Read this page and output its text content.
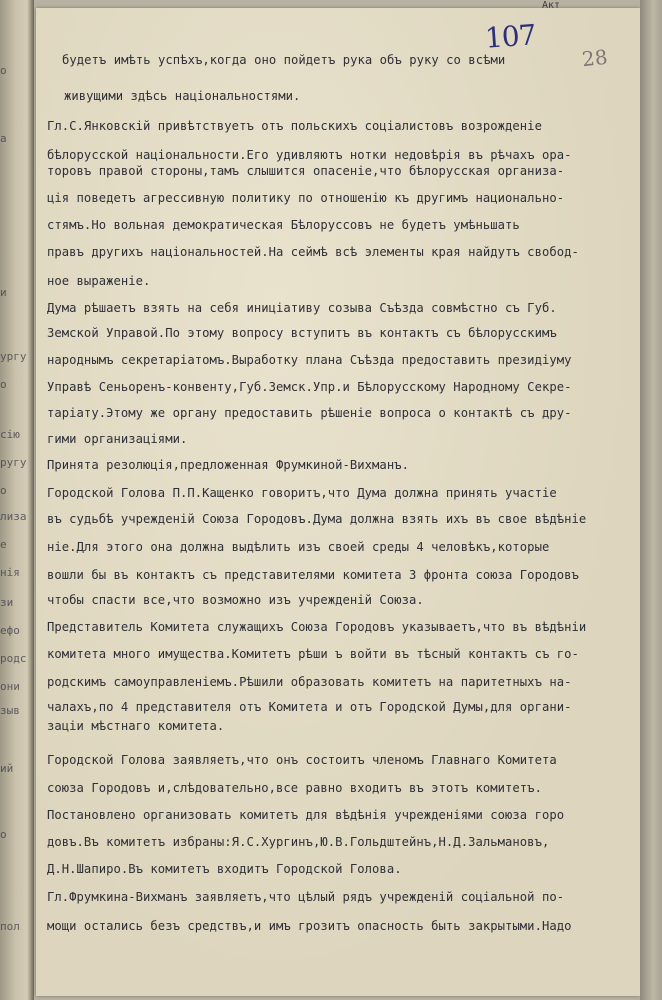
о
а
и
ургу
о
сію
ругу
о
лиза
е
нія
зи
ефо
родс
они
зыв
ий
о
пол
Акт
107
28
будетъ имѣть успѣхъ,когда оно пойдетъ рука объ руку со всѣми
живущими здѣсь національностями.
Гл.С.Янковскій привѣтствуетъ отъ польскихъ соціалистовъ возрожденіе
бѣлорусской національности.Его удивляютъ нотки недовѣрія въ рѣчахъ ора-
торовъ правой стороны,тамъ слышится опасеніе,что бѣлорусская организа-
ція поведетъ агрессивную политику по отношенію къ другимъ национально-
стямъ.Но вольная демократическая Бѣлоруссовъ не будетъ умѣньшать
правъ другихъ національностей.На сеймѣ всѣ элементы края найдутъ свобод-
ное выраженіе.
Дума рѣшаетъ взять на себя иниціативу созыва Съѣзда совмѣстно съ Губ.
Земской Управой.По этому вопросу вступитъ въ контактъ съ бѣлорусскимъ
народнымъ секретаріатомъ.Выработку плана Съѣзда предоставить президіуму
Управѣ Сеньоренъ-конвенту,Губ.Земск.Упр.и Бѣлорусскому Народному Секре-
таріату.Этому же органу предоставить рѣшеніе вопроса о контактѣ съ дру-
гими организаціями.
Принята резолюція,предложенная Фрумкиной-Вихманъ.
Городской Голова П.П.Кащенко говоритъ,что Дума должна принять участіе
въ судьбѣ учрежденій Союза Городовъ.Дума должна взять ихъ въ свое вѣдѣніе
ніе.Для этого она должна выдѣлить изъ своей среды 4 человѣкъ,которые
вошли бы въ контактъ съ представителями комитета 3 фронта союза Городовъ
чтобы спасти все,что возможно изъ учрежденій Союза.
Представитель Комитета служащихъ Союза Городовъ указываетъ,что въ вѣдѣніи
комитета много имущества.Комитетъ рѣши ъ войти въ тѣсный контактъ съ го-
родскимъ самоуправленіемъ.Рѣшили образовать комитетъ на паритетныхъ на-
чалахъ,по 4 представителя отъ Комитета и отъ Городской Думы,для органи-
заціи мѣстнаго комитета.
Городской Голова заявляетъ,что онъ состоитъ членомъ Главнаго Комитета
союза Городовъ и,слѣдовательно,все равно входитъ въ этотъ комитетъ.
Постановлено организовать комитетъ для вѣдѣнія учрежденіями союза горо
довъ.Въ комитетъ избраны:Я.С.Хургинъ,Ю.В.Гольдштейнъ,Н.Д.Зальмановъ,
Д.Н.Шапиро.Въ комитетъ входитъ Городской Голова.
Гл.Фрумкина-Вихманъ заявляетъ,что цѣлый рядъ учрежденій соціальной по-
мощи остались безъ средствъ,и имъ грозитъ опасность быть закрытыми.Надо
